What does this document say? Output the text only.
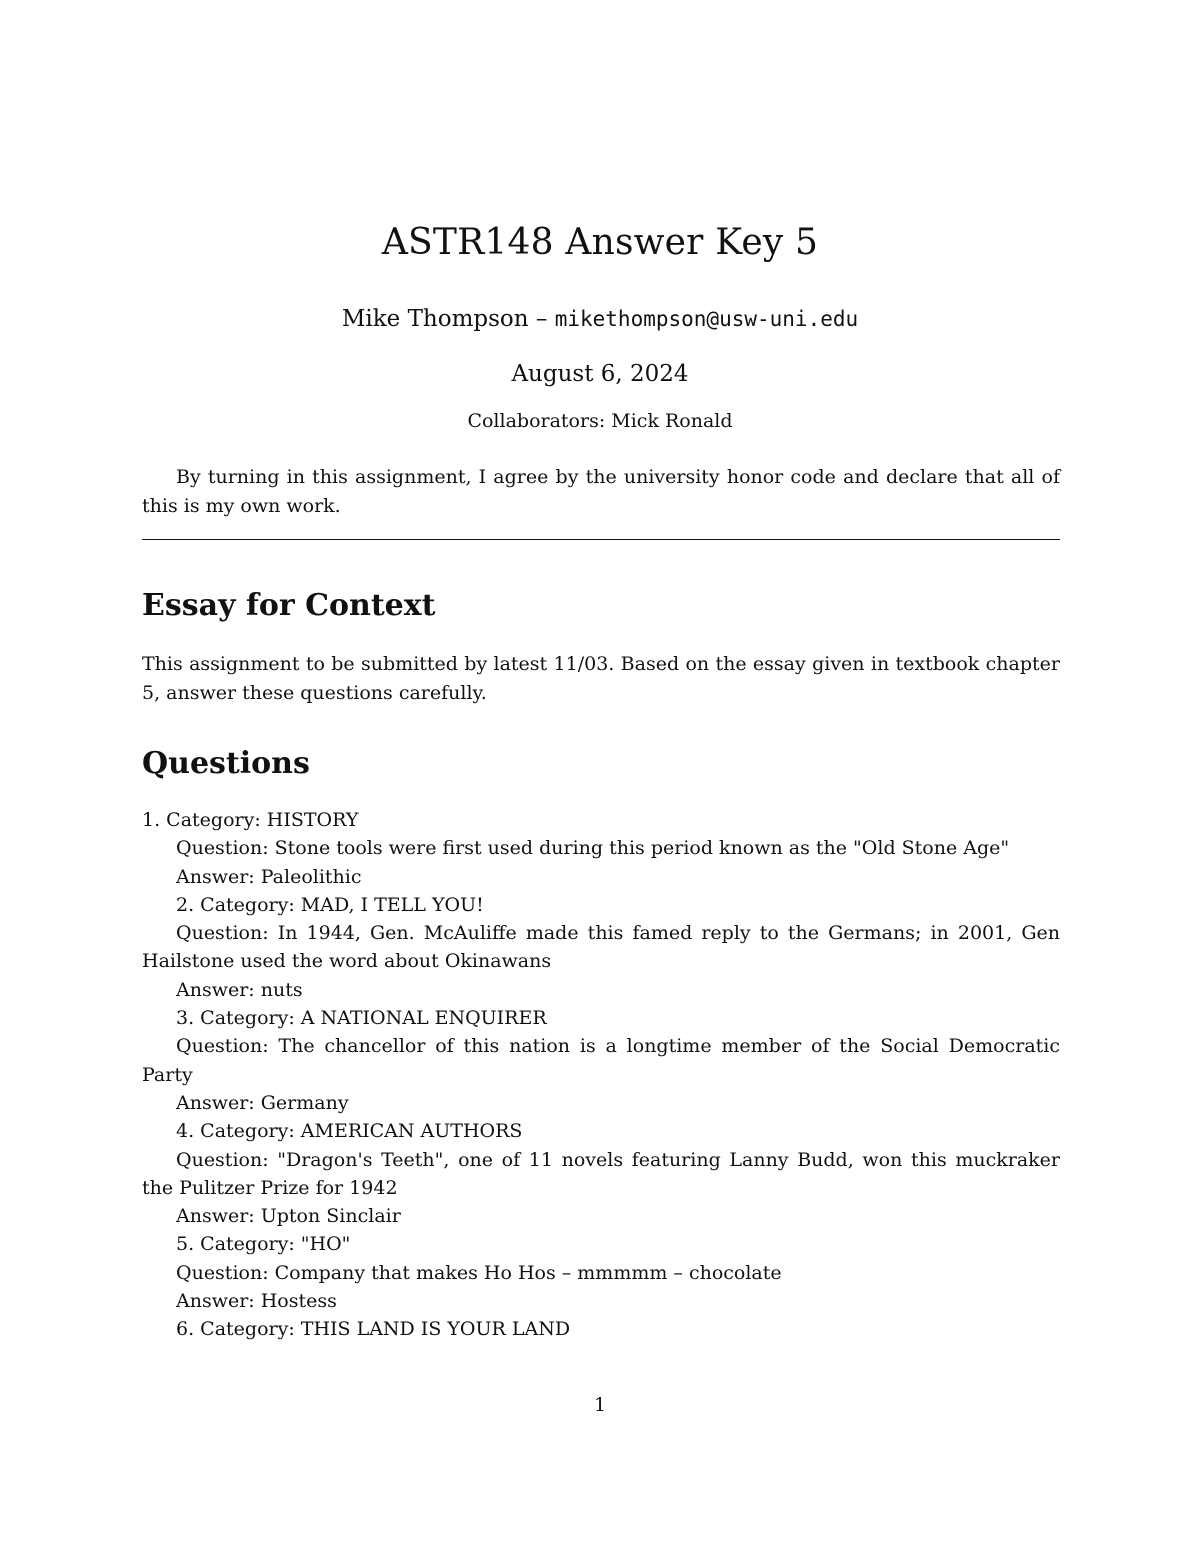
ASTR148 Answer Key 5
Mike Thompson – mikethompson@usw-uni.edu
August 6, 2024
Collaborators: Mick Ronald
By turning in this assignment, I agree by the university honor code and declare that all of this is my own work.
Essay for Context
This assignment to be submitted by latest 11/03. Based on the essay given in textbook chapter 5, answer these questions carefully.
Questions
1. Category: HISTORY
Question: Stone tools were first used during this period known as the "Old Stone Age"
Answer: Paleolithic
2. Category: MAD, I TELL YOU!
Question: In 1944, Gen. McAuliffe made this famed reply to the Germans; in 2001, Gen Hailstone used the word about Okinawans
Answer: nuts
3. Category: A NATIONAL ENQUIRER
Question: The chancellor of this nation is a longtime member of the Social Democratic Party
Answer: Germany
4. Category: AMERICAN AUTHORS
Question: "Dragon's Teeth", one of 11 novels featuring Lanny Budd, won this muckraker the Pulitzer Prize for 1942
Answer: Upton Sinclair
5. Category: "HO"
Question: Company that makes Ho Hos – mmmmm – chocolate
Answer: Hostess
6. Category: THIS LAND IS YOUR LAND
1
